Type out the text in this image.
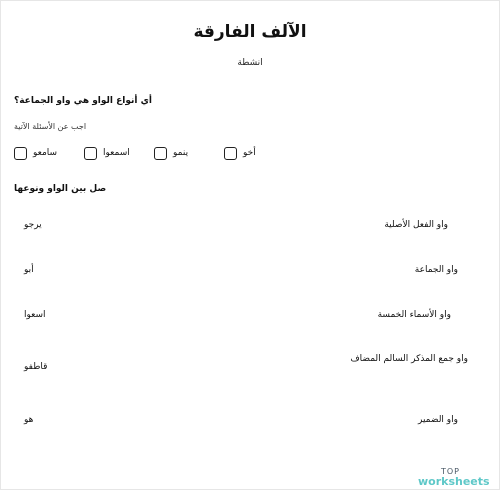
الآلف الفارقة
انشطة
أي أنواع الواو هي واو الجماعة؟
اجب عن الأسئلة الآتية
سامعو	اسمعوا	ينمو	أخو
صل بين الواو ونوعها
يرجو
أبو
اسعوا
قاطفو
هو
واو الفعل الأصلية
واو الجماعة
واو الأسماء الخمسة
واو جمع المذكر السالم المضاف
واو الضمير
TOP
worksheets
